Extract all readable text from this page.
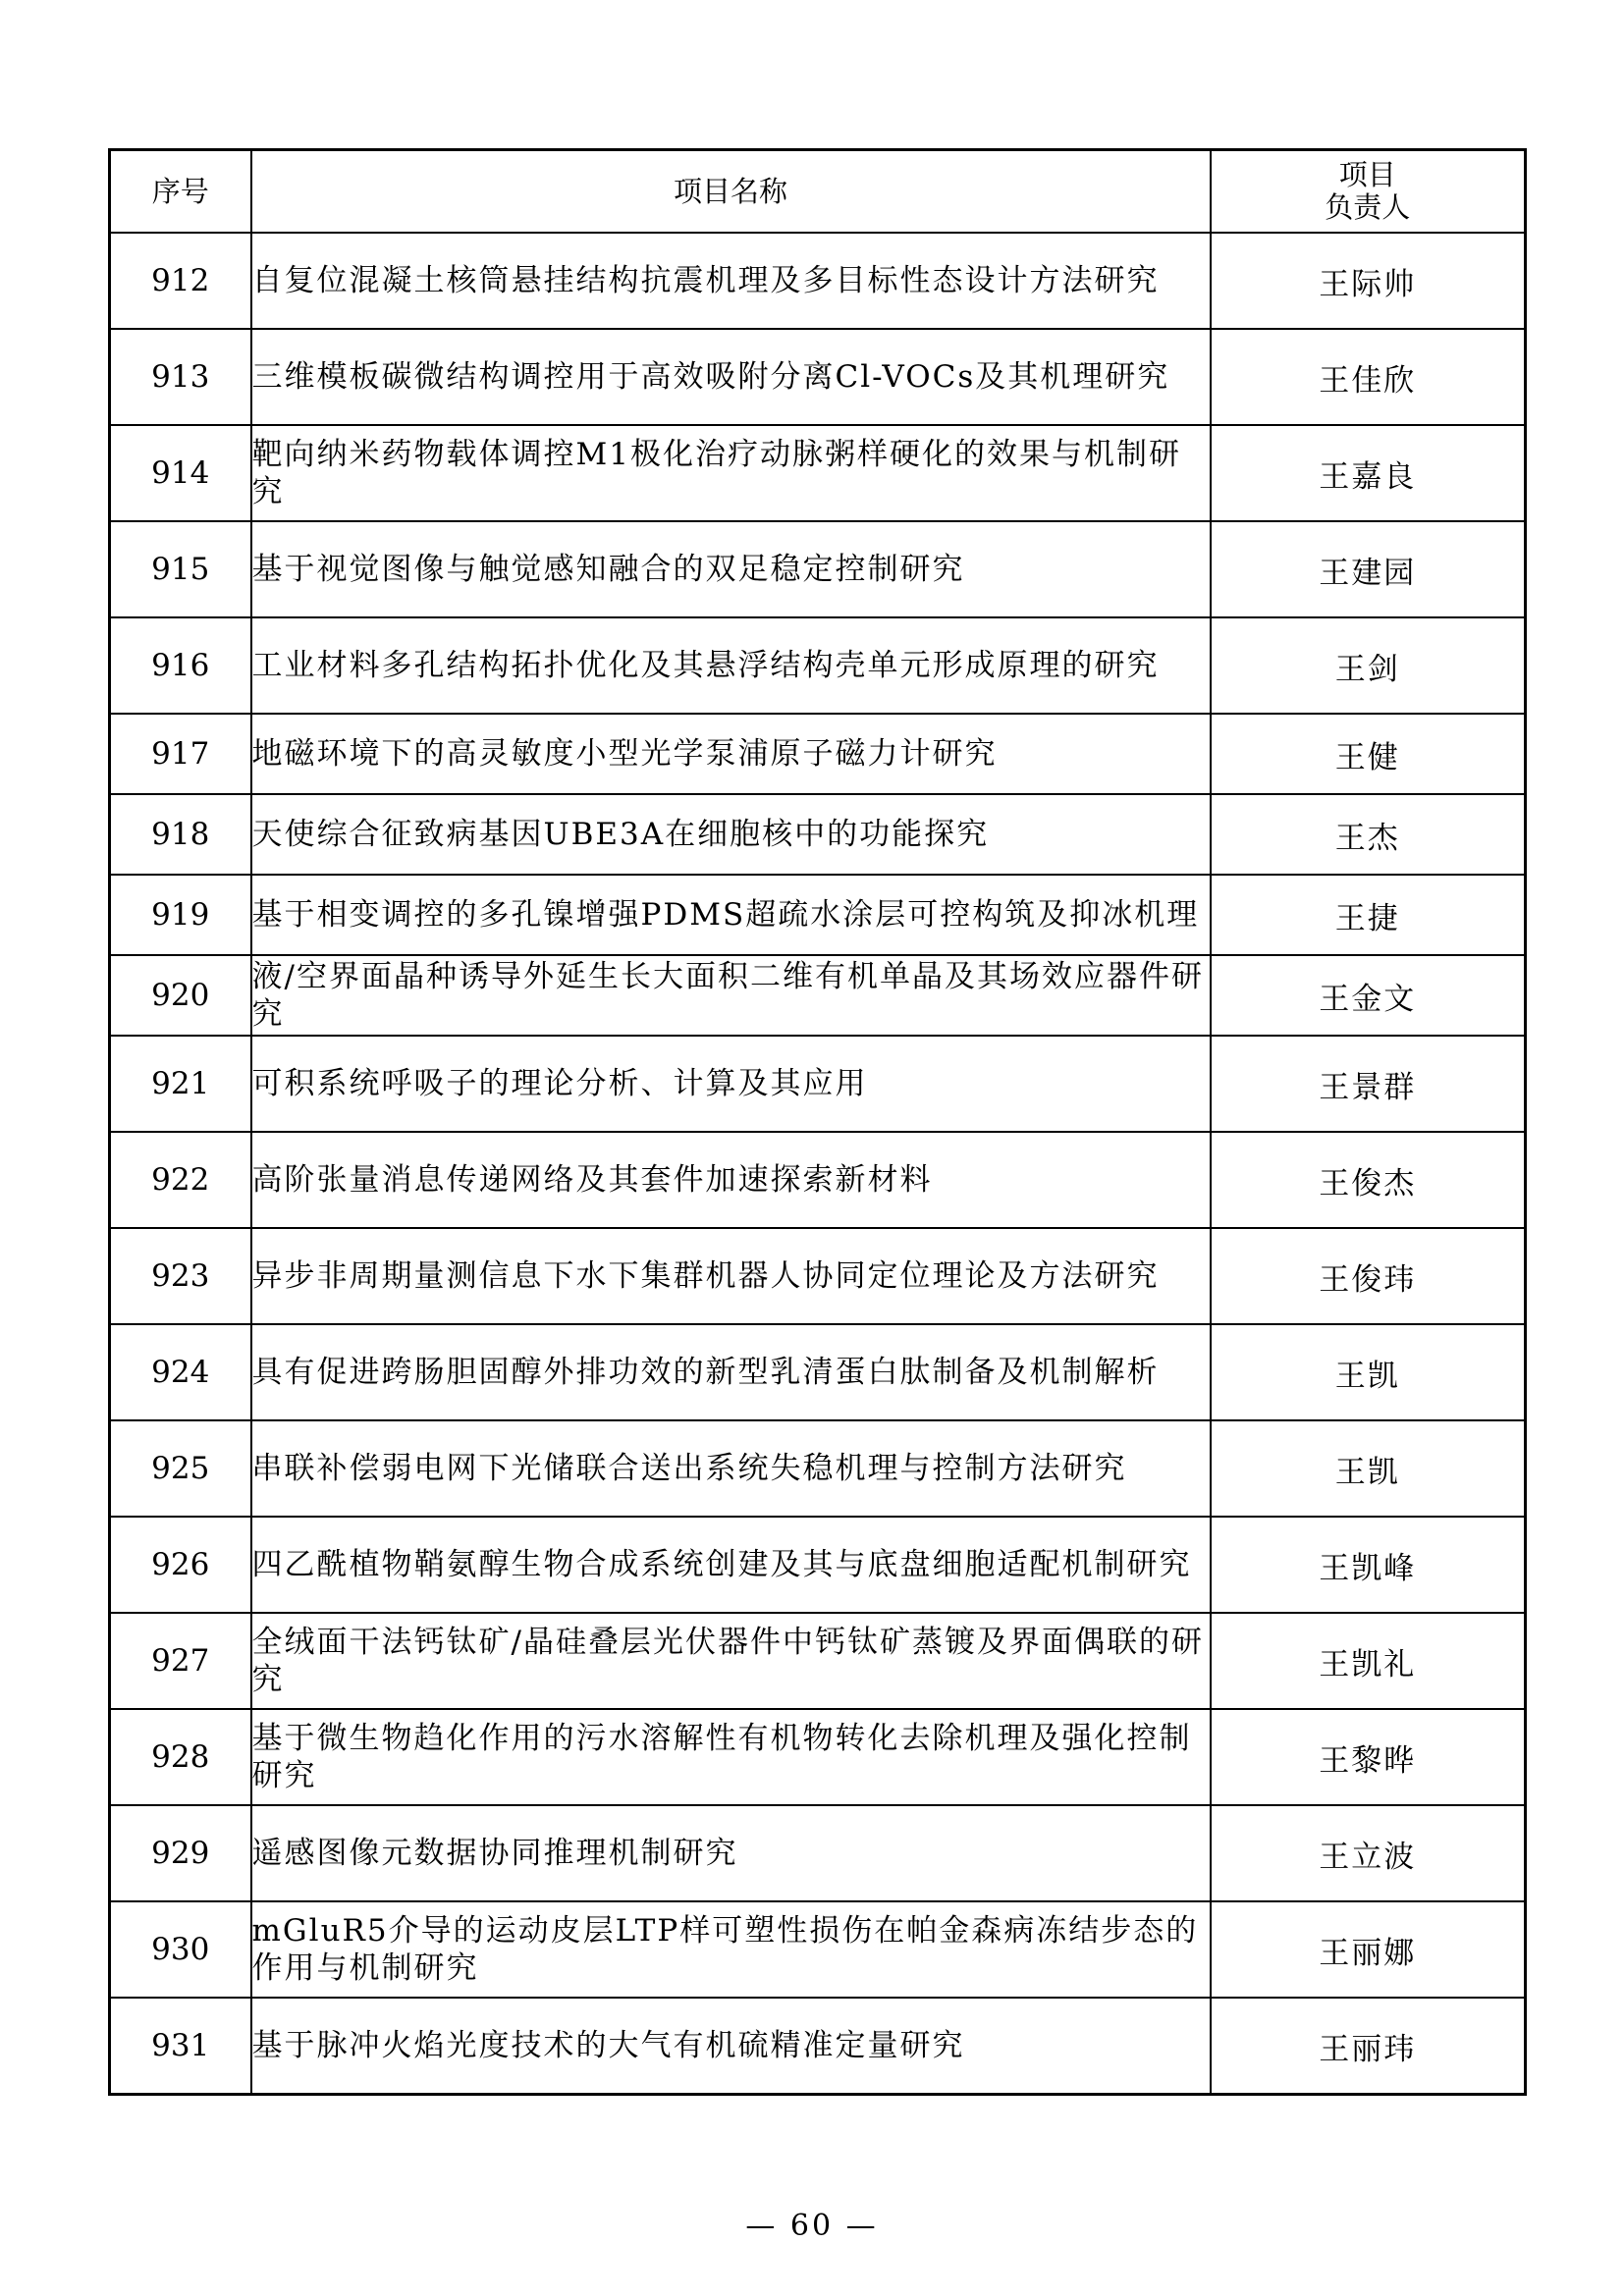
序号	项目名称	项目
负责人

912	自复位混凝土核筒悬挂结构抗震机理及多目标性态设计方法研究	王际帅
913	三维模板碳微结构调控用于高效吸附分离Cl-VOCs及其机理研究	王佳欣
914	靶向纳米药物载体调控M1极化治疗动脉粥样硬化的效果与机制研究	王嘉良
915	基于视觉图像与触觉感知融合的双足稳定控制研究	王建园
916	工业材料多孔结构拓扑优化及其悬浮结构壳单元形成原理的研究	王剑
917	地磁环境下的高灵敏度小型光学泵浦原子磁力计研究	王健
918	天使综合征致病基因UBE3A在细胞核中的功能探究	王杰
919	基于相变调控的多孔镍增强PDMS超疏水涂层可控构筑及抑冰机理	王捷
920	液/空界面晶种诱导外延生长大面积二维有机单晶及其场效应器件研究	王金文
921	可积系统呼吸子的理论分析、计算及其应用	王景群
922	高阶张量消息传递网络及其套件加速探索新材料	王俊杰
923	异步非周期量测信息下水下集群机器人协同定位理论及方法研究	王俊玮
924	具有促进跨肠胆固醇外排功效的新型乳清蛋白肽制备及机制解析	王凯
925	串联补偿弱电网下光储联合送出系统失稳机理与控制方法研究	王凯
926	四乙酰植物鞘氨醇生物合成系统创建及其与底盘细胞适配机制研究	王凯峰
927	全绒面干法钙钛矿/晶硅叠层光伏器件中钙钛矿蒸镀及界面偶联的研究	王凯礼
928	基于微生物趋化作用的污水溶解性有机物转化去除机理及强化控制研究	王黎晔
929	遥感图像元数据协同推理机制研究	王立波
930	mGluR5介导的运动皮层LTP样可塑性损伤在帕金森病冻结步态的作用与机制研究	王丽娜
931	基于脉冲火焰光度技术的大气有机硫精准定量研究	王丽玮
— 60 —
